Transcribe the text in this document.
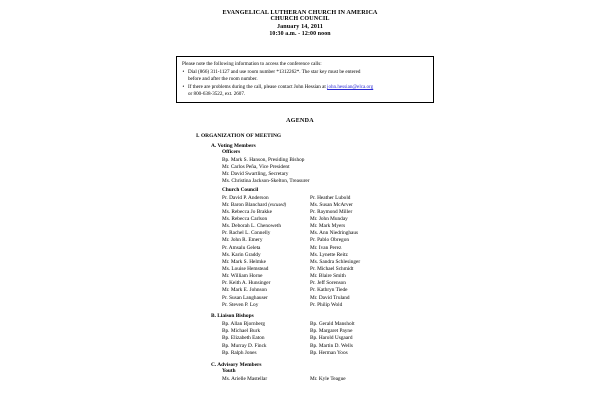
EVANGELICAL LUTHERAN CHURCH IN AMERICA
CHURCH COUNCIL
January 14, 2011
10:30 a.m. - 12:00 noon

Please note the following information to access the conference calls:

• Dial (866) 311-1127 and use room number *1312262*. The star key must be entered
before and after the room number.
• If there are problems during the call, please contact John Hessian at john.hessian@elca.org
or 800-638-3522, ext. 2607.
AGENDA
I. ORGANIZATION OF MEETING
A. Voting Members
Officers
Bp. Mark S. Hanson, Presiding Bishop
Mr. Carlos Peña, Vice President
Mr. David Swartling, Secretary
Ms. Christina Jackson-Skelton, Treasurer
Church Council
Pr. David P. Anderson	Pr. Heather Lubold
Mr. Baron Blanchard (excused)	Ms. Susan McArver
Ms. Rebecca Jo Brakke	Pr. Raymond Miller
Ms. Rebecca Carlson	Mr. John Munday
Ms. Deborah L. Chenoweth	Mr. Mark Myers
Pr. Rachel L. Connelly	Ms. Ann Niedringhaus
Mr. John R. Emery	Pr. Pablo Obregon
Pr. Amsalu Geleta	Mr. Ivan Perez
Ms. Karin Graddy	Ms. Lynette Reitz
Mr. Mark S. Helmke	Ms. Sandra Schlesinger
Ms. Louise Hemstead	Pr. Michael Schmidt
Mr. William Horne	Mr. Blaire Smith
Pr. Keith A. Hunsinger	Pr. Jeff Sorenson
Mr. Mark E. Johnson	Pr. Kathryn Tiede
Pr. Susan Langhauser	Mr. David Truland
Pr. Steven P. Loy	Pr. Philip Wold
B. Liaison Bishops
Bp. Allan Bjornberg	Bp. Gerald Mansholt
Bp. Michael Burk	Bp. Margaret Payne
Bp. Elizabeth Eaton	Bp. Harold Usgaard
Bp. Murray D. Finck	Bp. Martin D. Wells
Bp. Ralph Jones	Bp. Herman Yoos
C. Advisory Members
Youth
Ms. Arielle Mastellar	Mr. Kyle Teague
